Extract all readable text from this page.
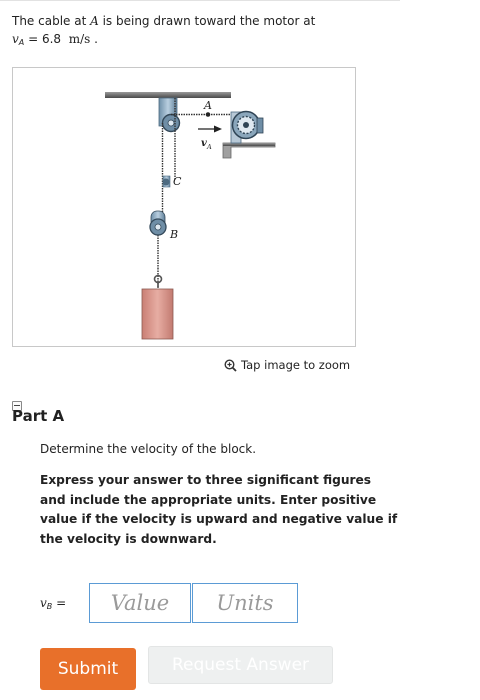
The cable at A is being drawn toward the motor at
$v_A = 6.8$ m/s .
A
v A
C
B
Tap image to zoom
Part A
Determine the velocity of the block.
Express your answer to three significant figures and include the appropriate units. Enter positive value if the velocity is upward and negative value if the velocity is downward.
$v_B$ =
Value
Units
Submit	Request Answer
